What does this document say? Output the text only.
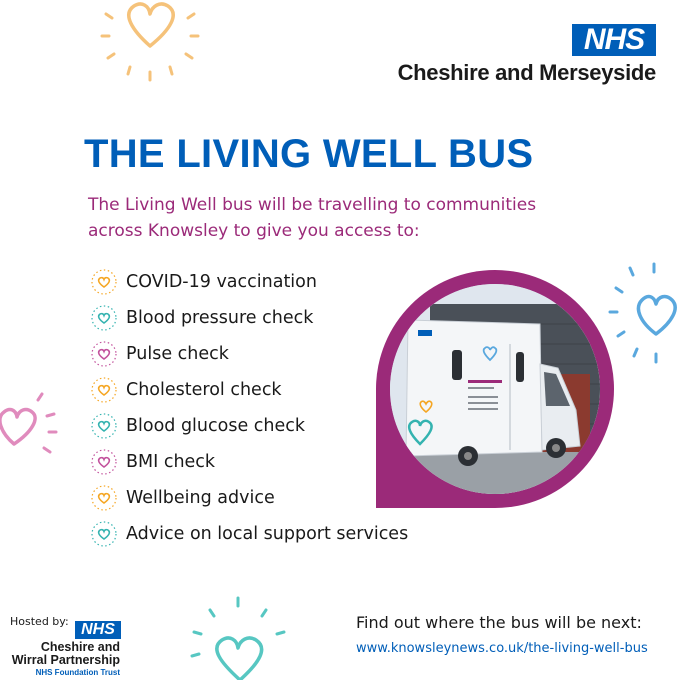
NHS
Cheshire and Merseyside
THE LIVING WELL BUS
The Living Well bus will be travelling to communities
across Knowsley to give you access to:
COVID-19 vaccination
Blood pressure check
Pulse check
Cholesterol check
Blood glucose check
BMI check
Wellbeing advice
Advice on local support services
Hosted by: NHS
Cheshire and
Wirral Partnership
NHS Foundation Trust
Find out where the bus will be next:
www.knowsleynews.co.uk/the-living-well-bus
